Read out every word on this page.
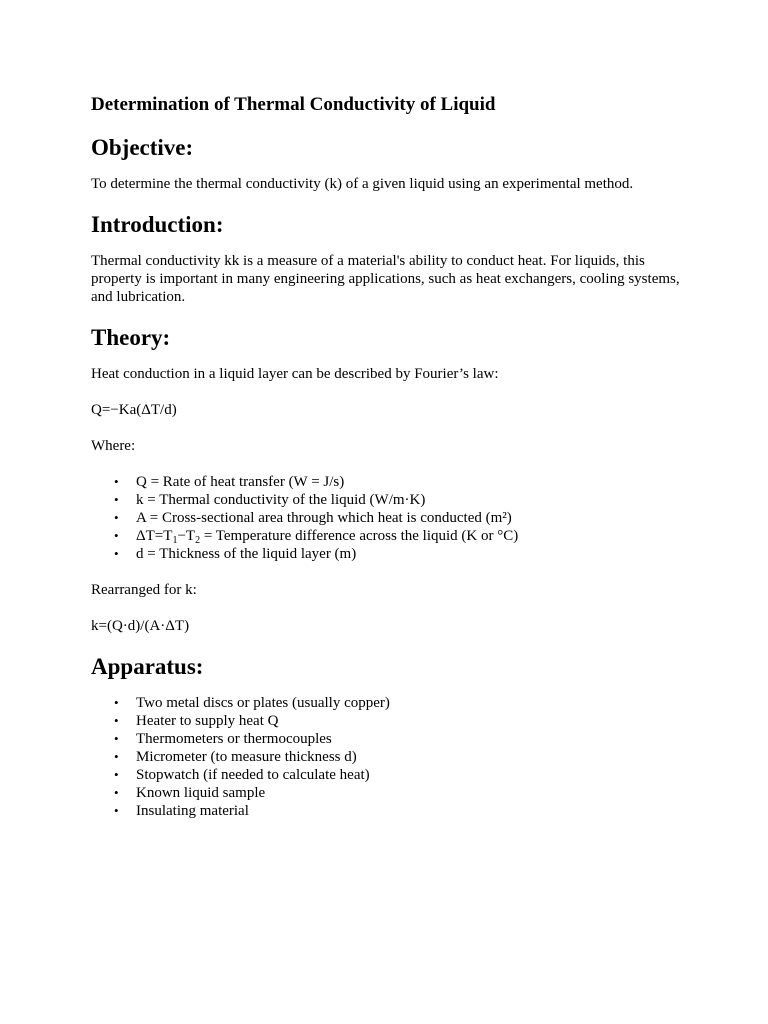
Determination of Thermal Conductivity of Liquid
Objective:

To determine the thermal conductivity (k) of a given liquid using an experimental method.

Introduction:

Thermal conductivity kk is a measure of a material's ability to conduct heat. For liquids, this property is important in many engineering applications, such as heat exchangers, cooling systems, and lubrication.

Theory:

Heat conduction in a liquid layer can be described by Fourier’s law:

Q=−Ka(ΔT/d)

Where:

• Q = Rate of heat transfer (W = J/s)
• k = Thermal conductivity of the liquid (W/m·K)
• A = Cross-sectional area through which heat is conducted (m²)
• $\Delta T=T_1-T_2$ = Temperature difference across the liquid (K or °C)
• d = Thickness of the liquid layer (m)

Rearranged for k:

k=(Q·d)/(A·ΔT)

Apparatus:
• Two metal discs or plates (usually copper)
• Heater to supply heat Q
• Thermometers or thermocouples
• Micrometer (to measure thickness d)
• Stopwatch (if needed to calculate heat)
• Known liquid sample
• Insulating material
